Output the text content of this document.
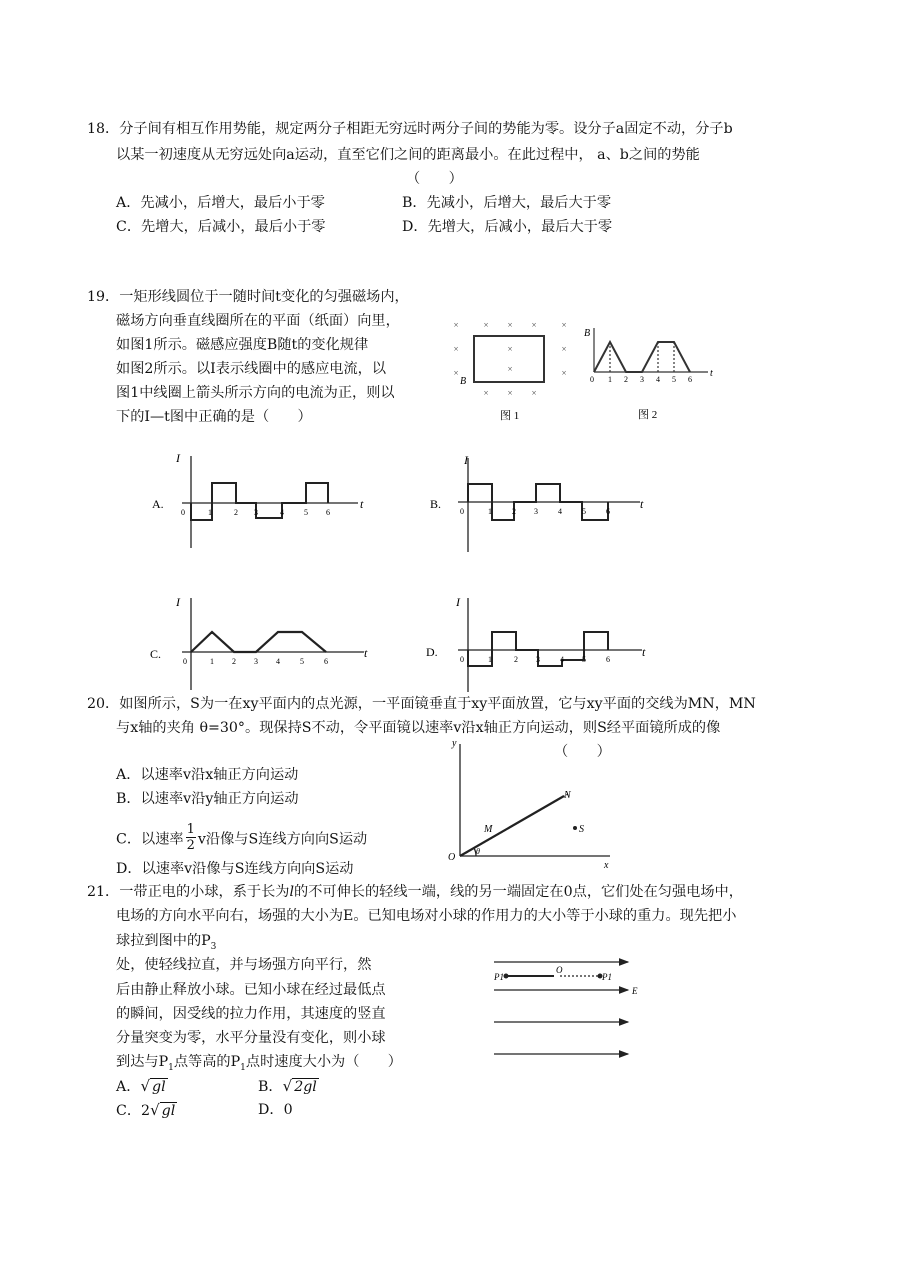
18．分子间有相互作用势能，规定两分子相距无穷远时两分子间的势能为零。设分子a固定不动，分子b
以某一初速度从无穷远处向a运动，直至它们之间的距离最小。在此过程中， a、b之间的势能
（　　）
A．先减小，后增大，最后小于零	B．先减小，后增大，最后大于零
C．先增大，后减小，最后小于零	D．先增大，后减小，最后大于零
19．一矩形线圆位于一随时间t变化的匀强磁场内，
磁场方向垂直线圈所在的平面（纸面）向里，
如图1所示。磁感应强度B随t的变化规律
如图2所示。以I表示线圈中的感应电流，以
图1中线圈上箭头所示方向的电流为正，则以
下的I—t图中正确的是（　　）
×	× × ×	×
×	×	×
×	×	×
× × ×
B
图 1
B
t
0 1 2 3 4 5 6
图 2
A.
I
t
0	1	2 3	4	5 6
B.
I
t
0	1	2 3	4	5	6
C.
I
t
0	1 2 3 4	5	6
D.
I
t
0	1	2 3	4 5	6
20．如图所示，S为一在xy平面内的点光源，一平面镜垂直于xy平面放置，它与xy平面的交线为MN，MN
与x轴的夹角 θ=30°。现保持S不动，令平面镜以速率v沿x轴正方向运动，则S经平面镜所成的像
（　　）
A．以速率v沿x轴正方向运动
B．以速率v沿y轴正方向运动
C．以速率 $\frac{1}{2}$ v沿像与S连线方向向S运动
D．以速率v沿像与S连线方向向S运动
y
x
O
M
N
S
θ
21．一带正电的小球，系于长为l的不可伸长的轻线一端，线的另一端固定在0点，它们处在匀强电场中，
电场的方向水平向右，场强的大小为E。已知电场对小球的作用力的大小等于小球的重力。现先把小
球拉到图中的$P_3$
处，使轻线拉直，并与场强方向平行，然
后由静止释放小球。已知小球在经过最低点
的瞬间，因受线的拉力作用，其速度的竖直
分量突变为零，水平分量没有变化，则小球
到达与$P_1$点等高的$P_1$点时速度大小为（　　）
A．√ gl	B．√ 2gl
C．2√ gl	D．0
P1
O
P1
E
